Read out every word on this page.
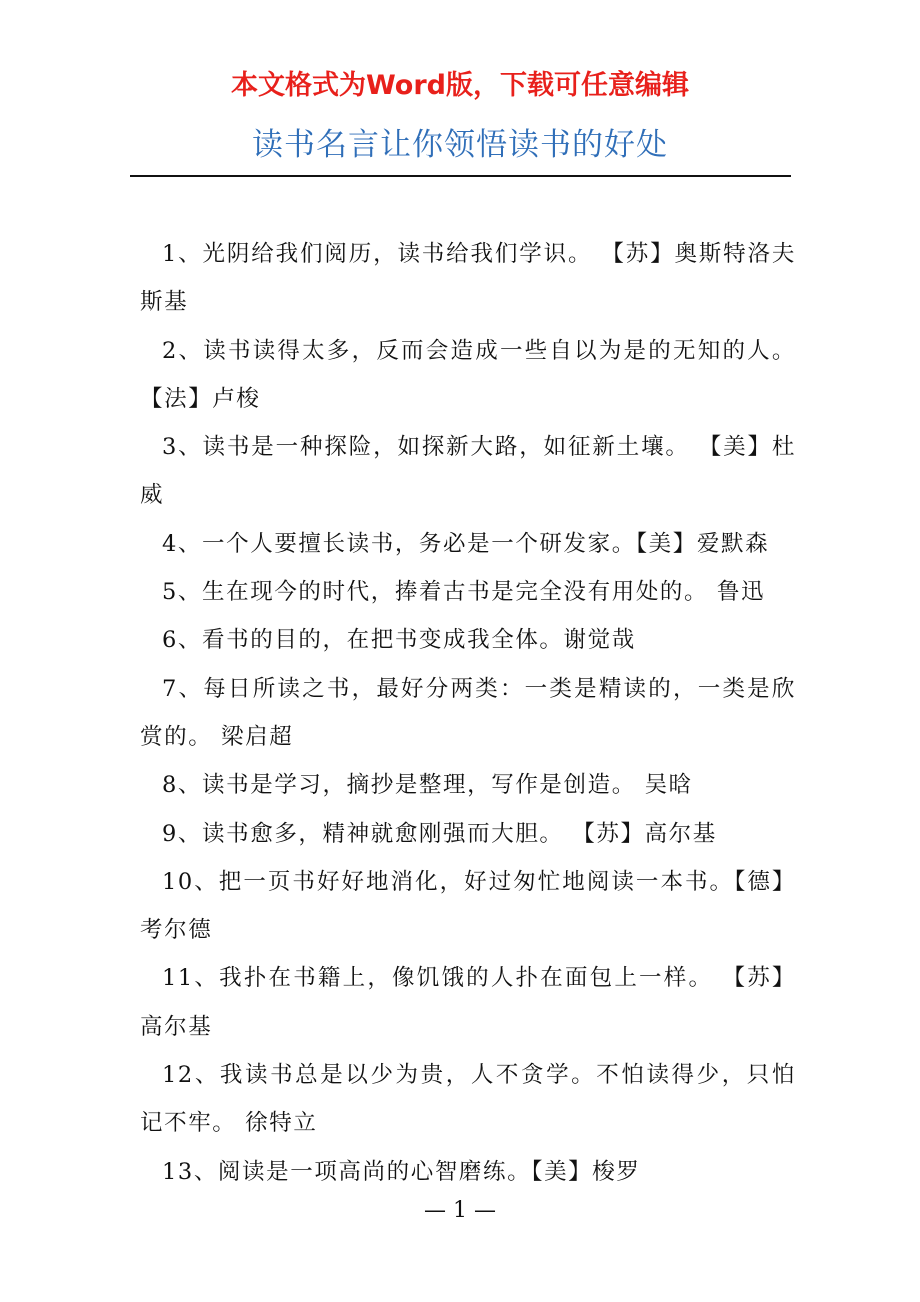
本文格式为Word版，下载可任意编辑
读书名言让你领悟读书的好处

1、光阴给我们阅历，读书给我们学识。 【苏】奥斯特洛夫斯基

2、读书读得太多，反而会造成一些自以为是的无知的人。【法】卢梭

3、读书是一种探险，如探新大路，如征新土壤。 【美】杜威

4、一个人要擅长读书，务必是一个研发家。【美】爱默森

5、生在现今的时代，捧着古书是完全没有用处的。 鲁迅

6、看书的目的，在把书变成我全体。谢觉哉

7、每日所读之书，最好分两类：一类是精读的，一类是欣赏的。 梁启超

8、读书是学习，摘抄是整理，写作是创造。 吴晗

9、读书愈多，精神就愈刚强而大胆。 【苏】高尔基

10、把一页书好好地消化，好过匆忙地阅读一本书。【德】考尔德

11、我扑在书籍上，像饥饿的人扑在面包上一样。 【苏】高尔基

12、我读书总是以少为贵，人不贪学。不怕读得少，只怕记不牢。 徐特立

13、阅读是一项高尚的心智磨练。【美】梭罗

— 1 —
